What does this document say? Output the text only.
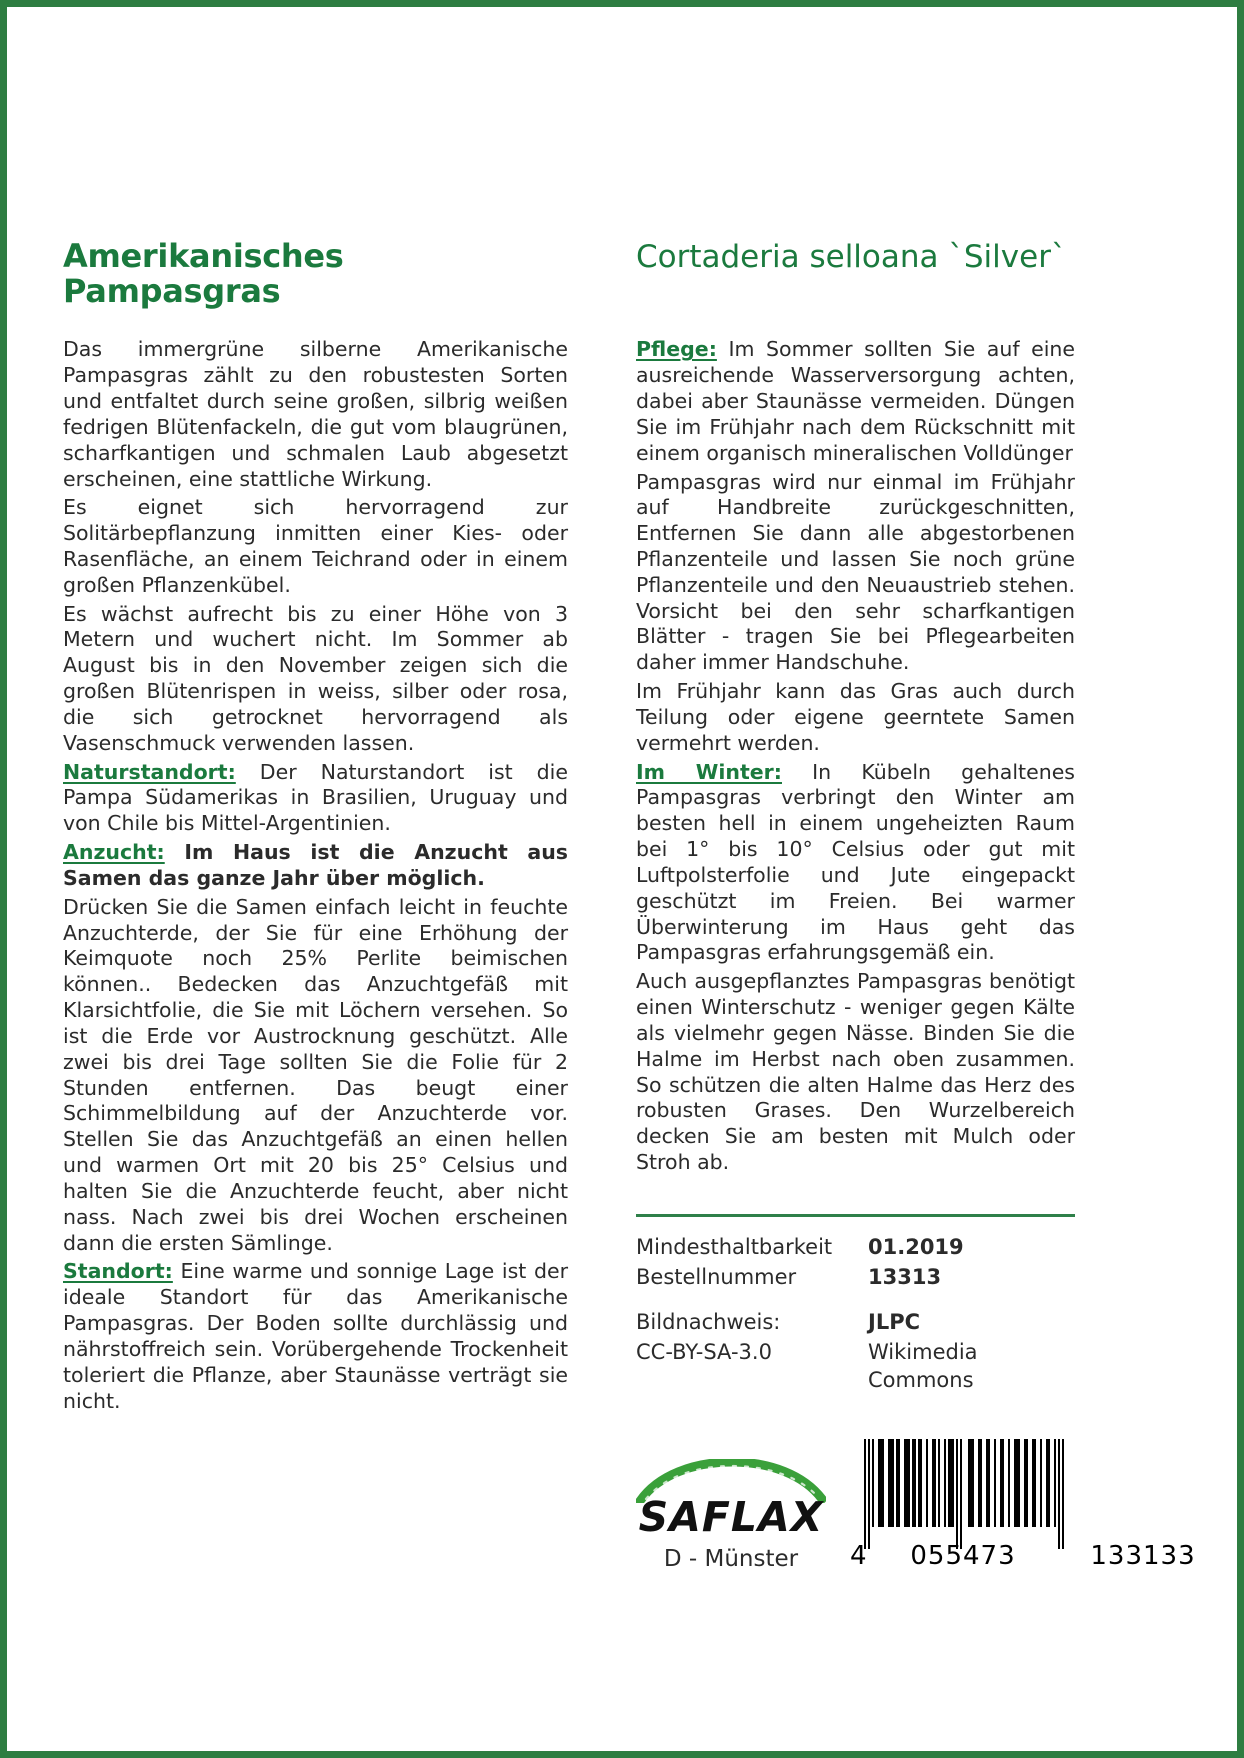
Amerikanisches Pampasgras
Cortaderia selloana `Silver`

Das immergrüne silberne Amerikanische Pampasgras zählt zu den robustesten Sorten und entfaltet durch seine großen, silbrig weißen fedrigen Blütenfackeln, die gut vom blaugrünen, scharfkantigen und schmalen Laub abgesetzt erscheinen, eine stattliche Wirkung.

Es eignet sich hervorragend zur Solitärbepflanzung inmitten einer Kies- oder Rasenfläche, an einem Teichrand oder in einem großen Pflanzenkübel.

Es wächst aufrecht bis zu einer Höhe von 3 Metern und wuchert nicht. Im Sommer ab August bis in den November zeigen sich die großen Blütenrispen in weiss, silber oder rosa, die sich getrocknet hervorragend als Vasenschmuck verwenden lassen.

Naturstandort: Der Naturstandort ist die Pampa Südamerikas in Brasilien, Uruguay und von Chile bis Mittel-Argentinien.

Anzucht: Im Haus ist die Anzucht aus Samen das ganze Jahr über möglich.

Drücken Sie die Samen einfach leicht in feuchte Anzuchterde, der Sie für eine Erhöhung der Keimquote noch 25% Perlite beimischen können.. Bedecken das Anzuchtgefäß mit Klarsichtfolie, die Sie mit Löchern versehen. So ist die Erde vor Austrocknung geschützt. Alle zwei bis drei Tage sollten Sie die Folie für 2 Stunden entfernen. Das beugt einer Schimmelbildung auf der Anzuchterde vor. Stellen Sie das Anzuchtgefäß an einen hellen und warmen Ort mit 20 bis 25° Celsius und halten Sie die Anzuchterde feucht, aber nicht nass. Nach zwei bis drei Wochen erscheinen dann die ersten Sämlinge.

Standort: Eine warme und sonnige Lage ist der ideale Standort für das Amerikanische Pampasgras. Der Boden sollte durchlässig und nährstoffreich sein. Vorübergehende Trockenheit toleriert die Pflanze, aber Staunässe verträgt sie nicht.

Pflege: Im Sommer sollten Sie auf eine ausreichende Wasserversorgung achten, dabei aber Staunässe vermeiden. Düngen Sie im Frühjahr nach dem Rückschnitt mit einem organisch mineralischen Volldünger

Pampasgras wird nur einmal im Frühjahr auf Handbreite zurückgeschnitten, Entfernen Sie dann alle abgestorbenen Pflanzenteile und lassen Sie noch grüne Pflanzenteile und den Neuaustrieb stehen. Vorsicht bei den sehr scharfkantigen Blätter - tragen Sie bei Pflegearbeiten daher immer Handschuhe.

Im Frühjahr kann das Gras auch durch Teilung oder eigene geerntete Samen vermehrt werden.

Im Winter: In Kübeln gehaltenes Pampasgras verbringt den Winter am besten hell in einem ungeheizten Raum bei 1° bis 10° Celsius oder gut mit Luftpolsterfolie und Jute eingepackt geschützt im Freien. Bei warmer Überwinterung im Haus geht das Pampasgras erfahrungsgemäß ein.

Auch ausgepflanztes Pampasgras benötigt einen Winterschutz - weniger gegen Kälte als vielmehr gegen Nässe. Binden Sie die Halme im Herbst nach oben zusammen. So schützen die alten Halme das Herz des robusten Grases. Den Wurzelbereich decken Sie am besten mit Mulch oder Stroh ab.

Mindesthaltbarkeit	01.2019
Bestellnummer	13313

Bildnachweis:	JLPC
CC-BY-SA-3.0	Wikimedia Commons
SAFLAX
D - Münster	4	055473	133133
